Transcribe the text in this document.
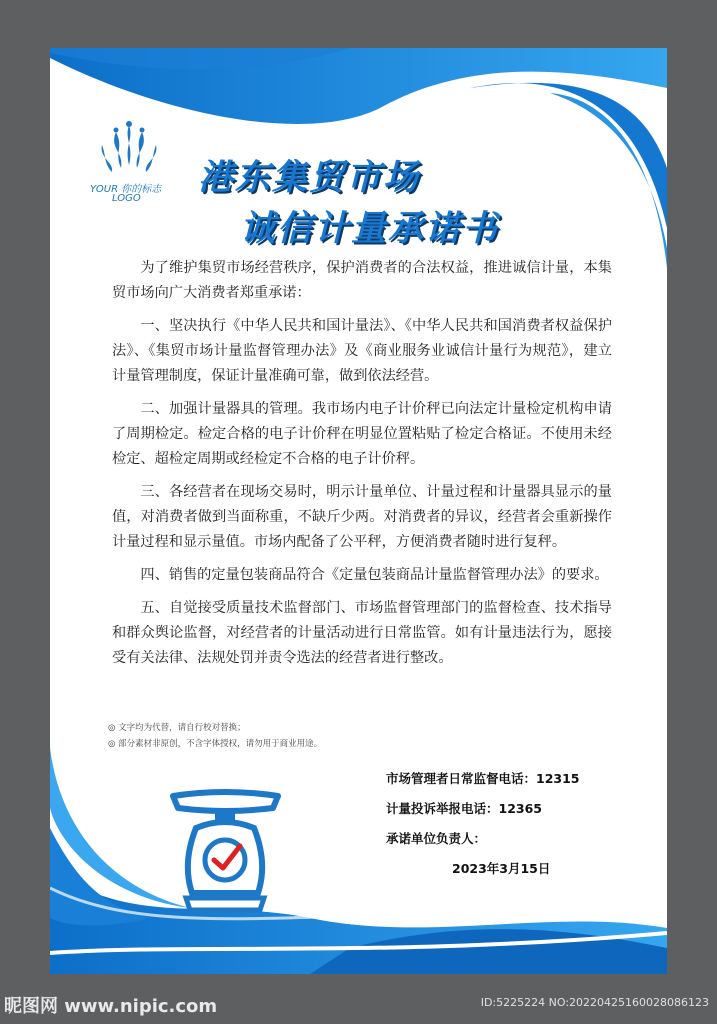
YOUR 你的标志
LOGO
港东集贸市场
诚信计量承诺书

为了维护集贸市场经营秩序，保护消费者的合法权益，推进诚信计量，本集贸市场向广大消费者郑重承诺：

一、坚决执行《中华人民共和国计量法》、《中华人民共和国消费者权益保护法》、《集贸市场计量监督管理办法》及《商业服务业诚信计量行为规范》，建立计量管理制度，保证计量准确可靠，做到依法经营。

二、加强计量器具的管理。我市场内电子计价秤已向法定计量检定机构申请了周期检定。检定合格的电子计价秤在明显位置粘贴了检定合格证。不使用未经检定、超检定周期或经检定不合格的电子计价秤。

三、各经营者在现场交易时，明示计量单位、计量过程和计量器具显示的量值，对消费者做到当面称重，不缺斤少两。对消费者的异议，经营者会重新操作计量过程和显示量值。市场内配备了公平秤，方便消费者随时进行复秤。

四、销售的定量包装商品符合《定量包装商品计量监督管理办法》的要求。

五、自觉接受质量技术监督部门、市场监督管理部门的监督检查、技术指导和群众舆论监督，对经营者的计量活动进行日常监管。如有计量违法行为，愿接受有关法律、法规处罚并责令选法的经营者进行整改。

◎ 文字均为代替，请自行校对替换；
◎ 部分素材非原创，不含字体授权，请勿用于商业用途。
市场管理者日常监督电话：12315
计量投诉举报电话：12365
承诺单位负责人：
2023年3月15日
昵图网 www.nipic.com	ID:5225224 NO:20220425160028086123
